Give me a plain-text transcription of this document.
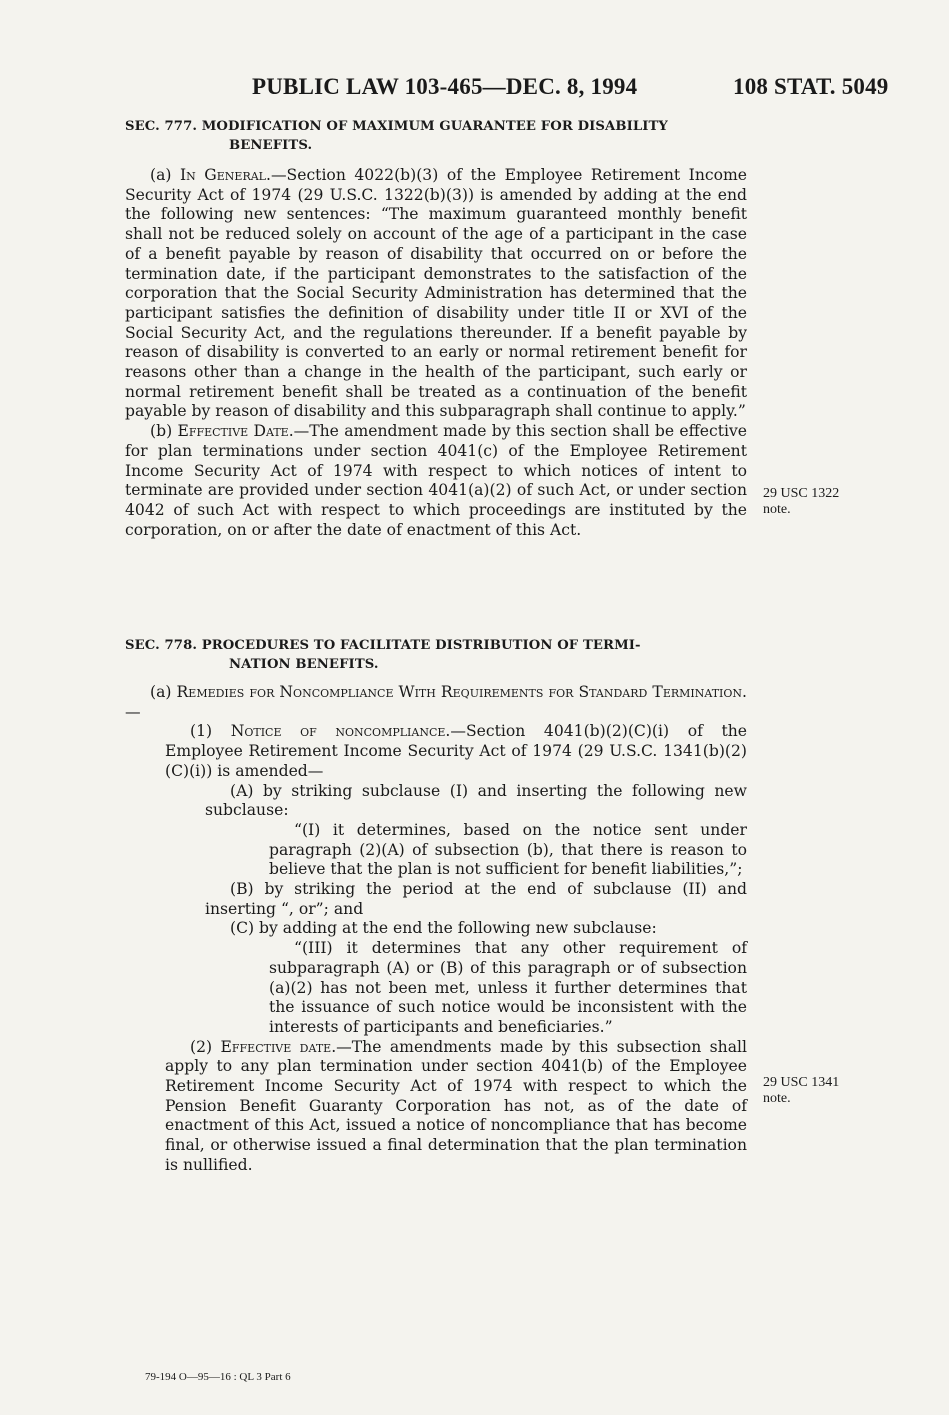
PUBLIC LAW 103-465—DEC. 8, 1994	108 STAT. 5049
SEC. 777. MODIFICATION OF MAXIMUM GUARANTEE FOR DISABILITY
BENEFITS.

(a) In General.—Section 4022(b)(3) of the Employee Retirement Income Security Act of 1974 (29 U.S.C. 1322(b)(3)) is amended by adding at the end the following new sentences: “The maximum guaranteed monthly benefit shall not be reduced solely on account of the age of a participant in the case of a benefit payable by reason of disability that occurred on or before the termination date, if the participant demonstrates to the satisfaction of the corporation that the Social Security Administration has determined that the participant satisfies the definition of disability under title II or XVI of the Social Security Act, and the regulations thereunder. If a benefit payable by reason of disability is converted to an early or normal retirement benefit for reasons other than a change in the health of the participant, such early or normal retirement benefit shall be treated as a continuation of the benefit payable by reason of disability and this subparagraph shall continue to apply.”

(b) Effective Date.—The amendment made by this section shall be effective for plan terminations under section 4041(c) of the Employee Retirement Income Security Act of 1974 with respect to which notices of intent to terminate are provided under section 4041(a)(2) of such Act, or under section 4042 of such Act with respect to which proceedings are instituted by the corporation, on or after the date of enactment of this Act.

29 USC 1322
note.
SEC. 778. PROCEDURES TO FACILITATE DISTRIBUTION OF TERMI-
NATION BENEFITS.

(a) Remedies for Noncompliance With Requirements for Standard Termination.—

(1) Notice of noncompliance.—Section 4041(b)(2)(C)(i) of the Employee Retirement Income Security Act of 1974 (29 U.S.C. 1341(b)(2)(C)(i)) is amended—

(A) by striking subclause (I) and inserting the following new subclause:

“(I) it determines, based on the notice sent under paragraph (2)(A) of subsection (b), that there is reason to believe that the plan is not sufficient for benefit liabilities,”;

(B) by striking the period at the end of subclause (II) and inserting “, or”; and

(C) by adding at the end the following new subclause:

“(III) it determines that any other requirement of subparagraph (A) or (B) of this paragraph or of subsection (a)(2) has not been met, unless it further determines that the issuance of such notice would be inconsistent with the interests of participants and beneficiaries.”

(2) Effective date.—The amendments made by this subsection shall apply to any plan termination under section 4041(b) of the Employee Retirement Income Security Act of 1974 with respect to which the Pension Benefit Guaranty Corporation has not, as of the date of enactment of this Act, issued a notice of noncompliance that has become final, or otherwise issued a final determination that the plan termination is nullified.

29 USC 1341
note.
79-194 O—95—16 : QL 3 Part 6
